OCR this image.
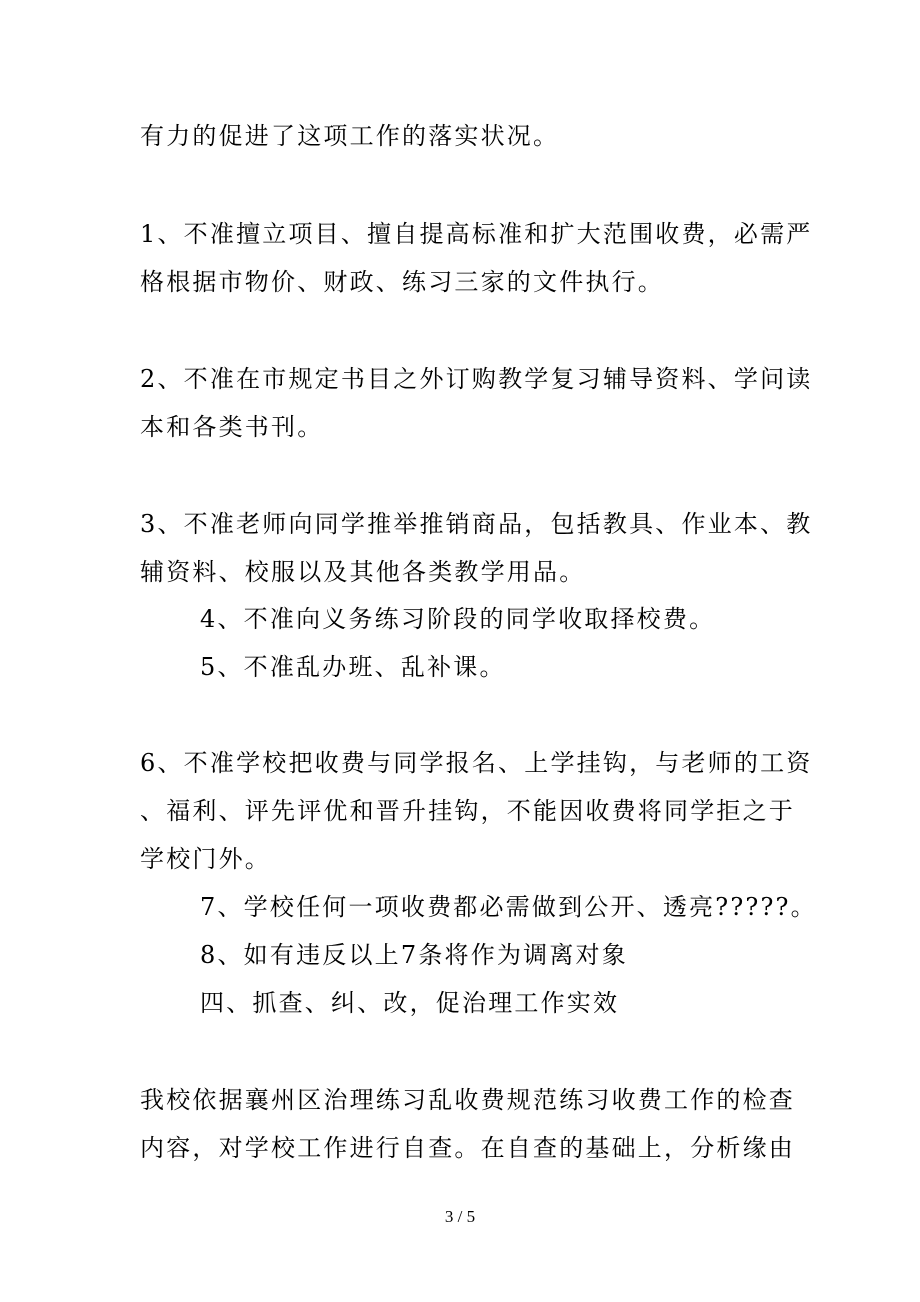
有力的促进了这项工作的落实状况。
1、不准擅立项目、擅自提高标准和扩大范围收费，必需严
格根据市物价、财政、练习三家的文件执行。
2、不准在市规定书目之外订购教学复习辅导资料、学问读
本和各类书刊。
3、不准老师向同学推举推销商品，包括教具、作业本、教
辅资料、校服以及其他各类教学用品。
4、不准向义务练习阶段的同学收取择校费。
5、不准乱办班、乱补课。
6、不准学校把收费与同学报名、上学挂钩，与老师的工资
、福利、评先评优和晋升挂钩，不能因收费将同学拒之于
学校门外。
7、学校任何一项收费都必需做到公开、透亮?????。
8、如有违反以上7条将作为调离对象
四、抓查、纠、改，促治理工作实效
我校依据襄州区治理练习乱收费规范练习收费工作的检查
内容，对学校工作进行自查。在自查的基础上，分析缘由
3 / 5
